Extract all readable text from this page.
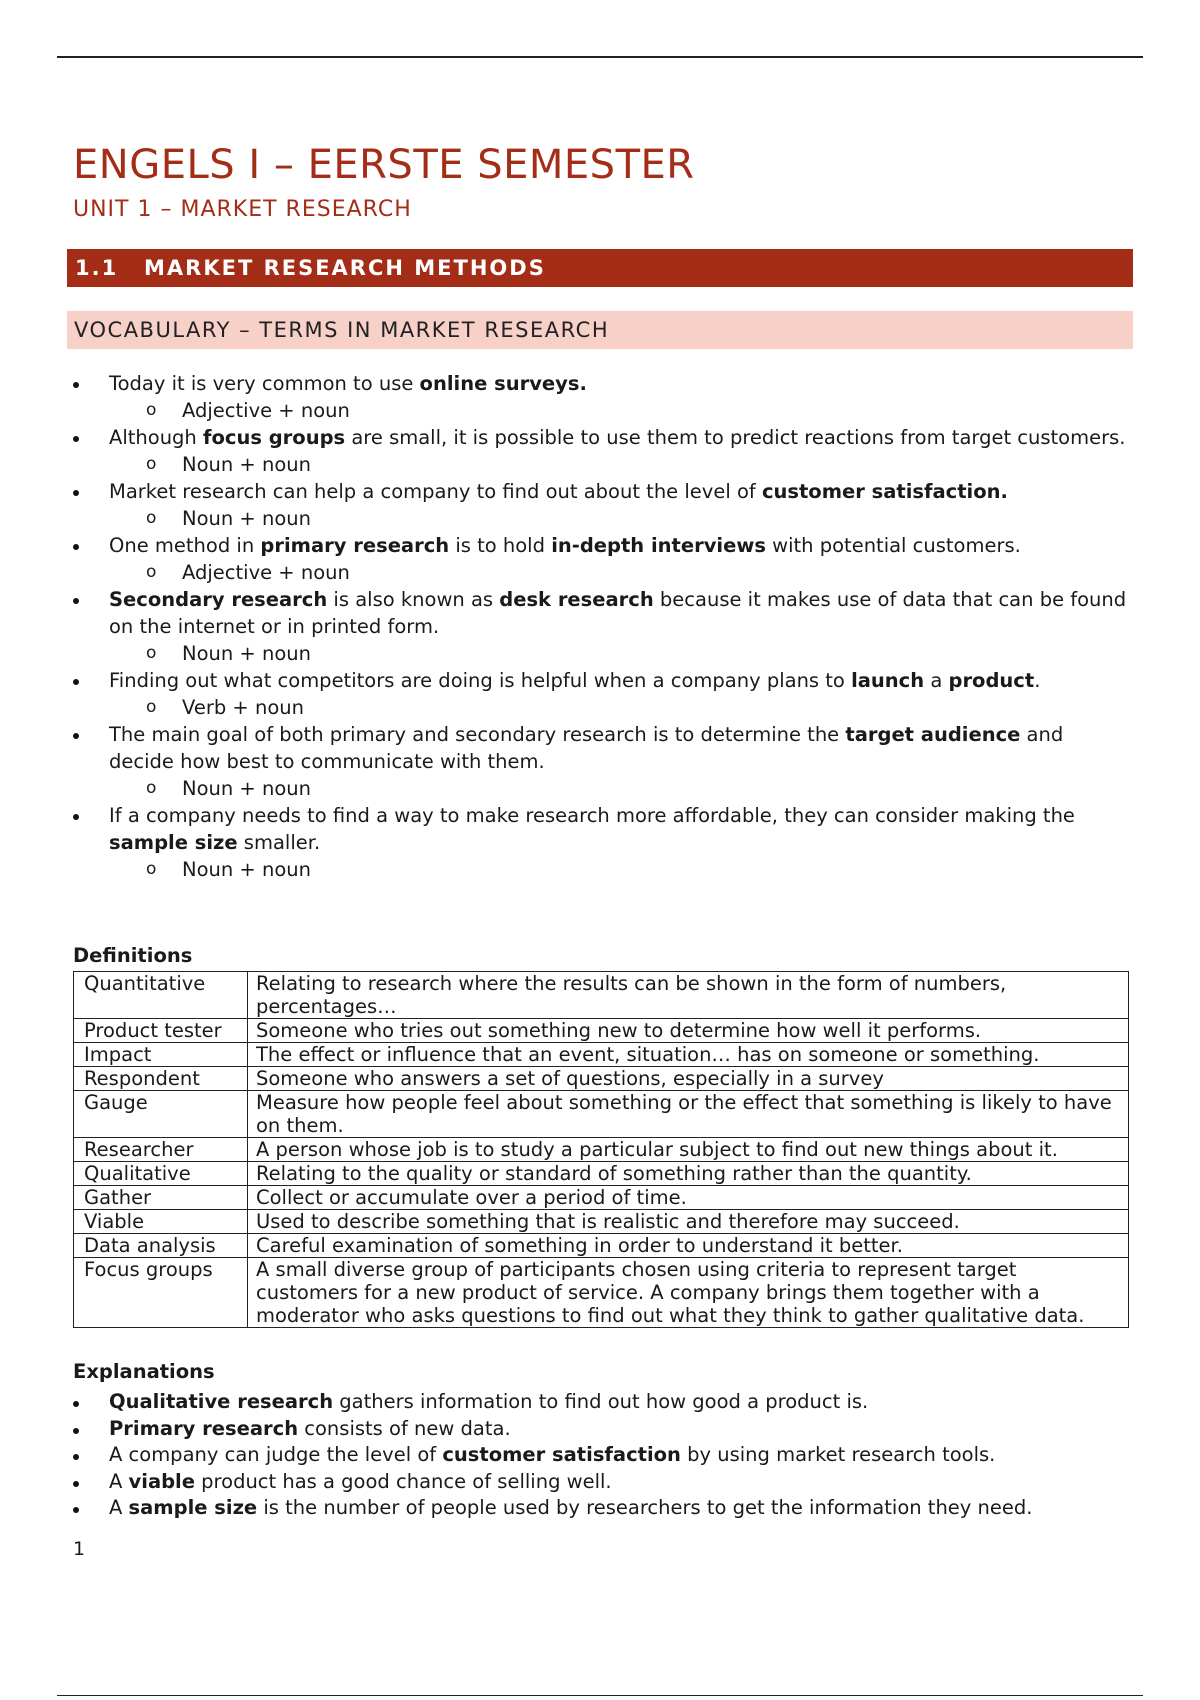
ENGELS I – EERSTE SEMESTER
UNIT 1 – MARKET RESEARCH
1.1 MARKET RESEARCH METHODS
VOCABULARY – TERMS IN MARKET RESEARCH
Today it is very common to use online surveys.
o Adjective + noun
Although focus groups are small, it is possible to use them to predict reactions from target customers.
o Noun + noun
Market research can help a company to find out about the level of customer satisfaction.
o Noun + noun
One method in primary research is to hold in-depth interviews with potential customers.
o Adjective + noun
Secondary research is also known as desk research because it makes use of data that can be found on the internet or in printed form.
o Noun + noun
Finding out what competitors are doing is helpful when a company plans to launch a product.
o Verb + noun
The main goal of both primary and secondary research is to determine the target audience and decide how best to communicate with them.
o Noun + noun
If a company needs to find a way to make research more affordable, they can consider making the sample size smaller.
o Noun + noun
Definitions
Quantitative	Relating to research where the results can be shown in the form of numbers, percentages…
Product tester	Someone who tries out something new to determine how well it performs.
Impact	The effect or influence that an event, situation… has on someone or something.
Respondent	Someone who answers a set of questions, especially in a survey
Gauge	Measure how people feel about something or the effect that something is likely to have on them.
Researcher	A person whose job is to study a particular subject to find out new things about it.
Qualitative	Relating to the quality or standard of something rather than the quantity.
Gather	Collect or accumulate over a period of time.
Viable	Used to describe something that is realistic and therefore may succeed.
Data analysis	Careful examination of something in order to understand it better.
Focus groups	A small diverse group of participants chosen using criteria to represent target customers for a new product of service. A company brings them together with a moderator who asks questions to find out what they think to gather qualitative data.
Explanations
Qualitative research gathers information to find out how good a product is.
Primary research consists of new data.
A company can judge the level of customer satisfaction by using market research tools.
A viable product has a good chance of selling well.
A sample size is the number of people used by researchers to get the information they need.
1
